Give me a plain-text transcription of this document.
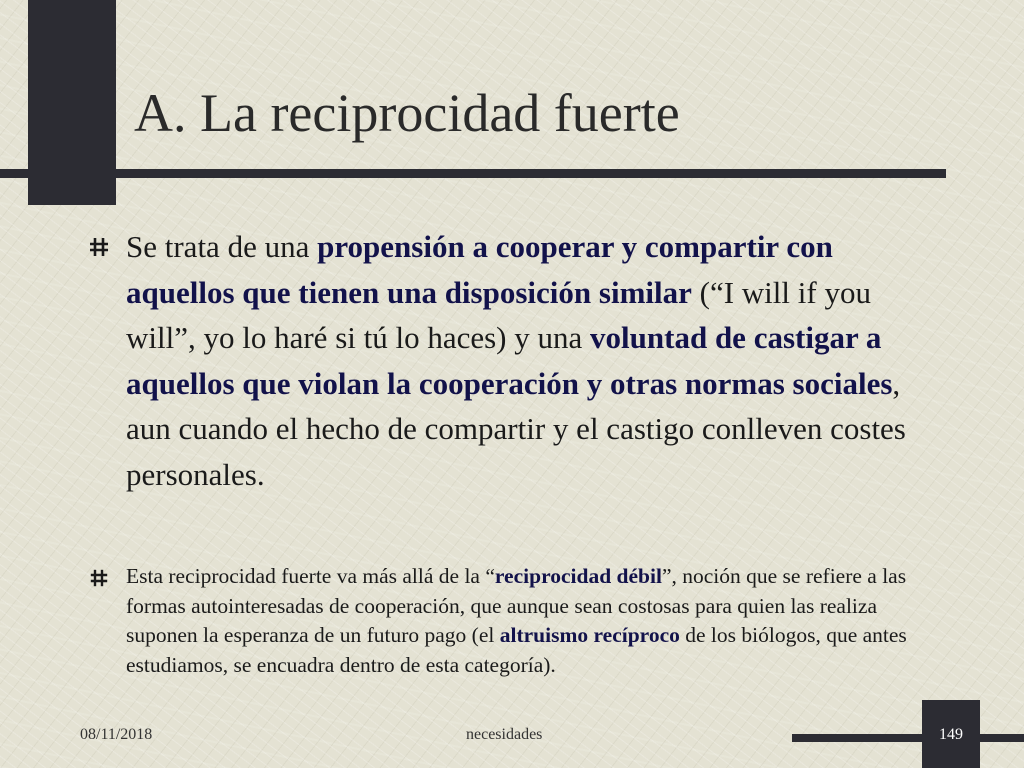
A. La reciprocidad fuerte
Se trata de una propensión a cooperar y compartir con aquellos que tienen una disposición similar (“I will if you will”, yo lo haré si tú lo haces) y una voluntad de castigar a aquellos que violan la cooperación y otras normas sociales, aun cuando el hecho de compartir y el castigo conlleven costes personales.
Esta reciprocidad fuerte va más allá de la “reciprocidad débil”, noción que se refiere a las formas autointeresadas de cooperación, que aunque sean costosas para quien las realiza suponen la esperanza de un futuro pago (el altruismo recíproco de los biólogos, que antes estudiamos, se encuadra dentro de esta categoría).
149
08/11/2018	necesidades
